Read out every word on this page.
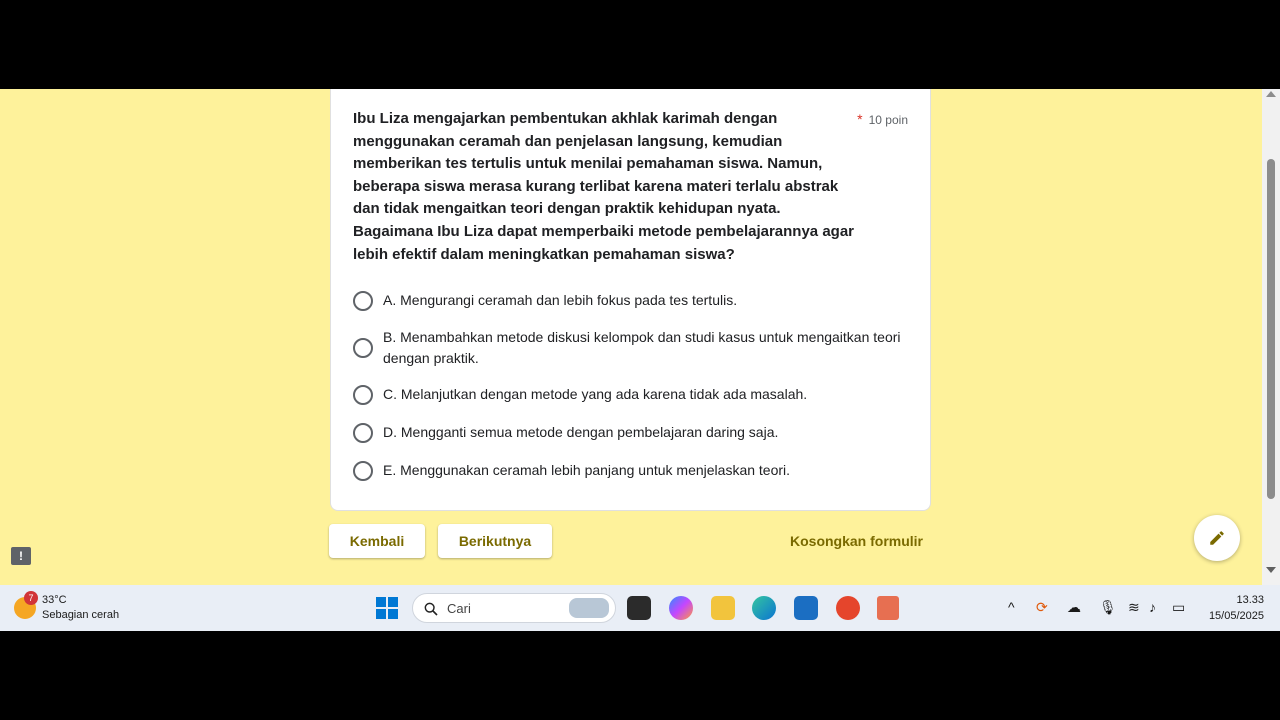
Ibu Liza mengajarkan pembentukan akhlak karimah dengan menggunakan ceramah dan penjelasan langsung, kemudian memberikan tes tertulis untuk menilai pemahaman siswa. Namun, beberapa siswa merasa kurang terlibat karena materi terlalu abstrak dan tidak mengaitkan teori dengan praktik kehidupan nyata. Bagaimana Ibu Liza dapat memperbaiki metode pembelajarannya agar lebih efektif dalam meningkatkan pemahaman siswa?
* 10 poin
A. Mengurangi ceramah dan lebih fokus pada tes tertulis.
B. Menambahkan metode diskusi kelompok dan studi kasus untuk mengaitkan teori dengan praktik.
C. Melanjutkan dengan metode yang ada karena tidak ada masalah.
D. Mengganti semua metode dengan pembelajaran daring saja.
E. Menggunakan ceramah lebih panjang untuk menjelaskan teori.
Kembali	Berikutnya	Kosongkan formulir
!
7 33°C
Sebagian cerah	Cari	^ ⟳ ☁ 🎙 ≋ ♪ ▭	13.33
15/05/2025
